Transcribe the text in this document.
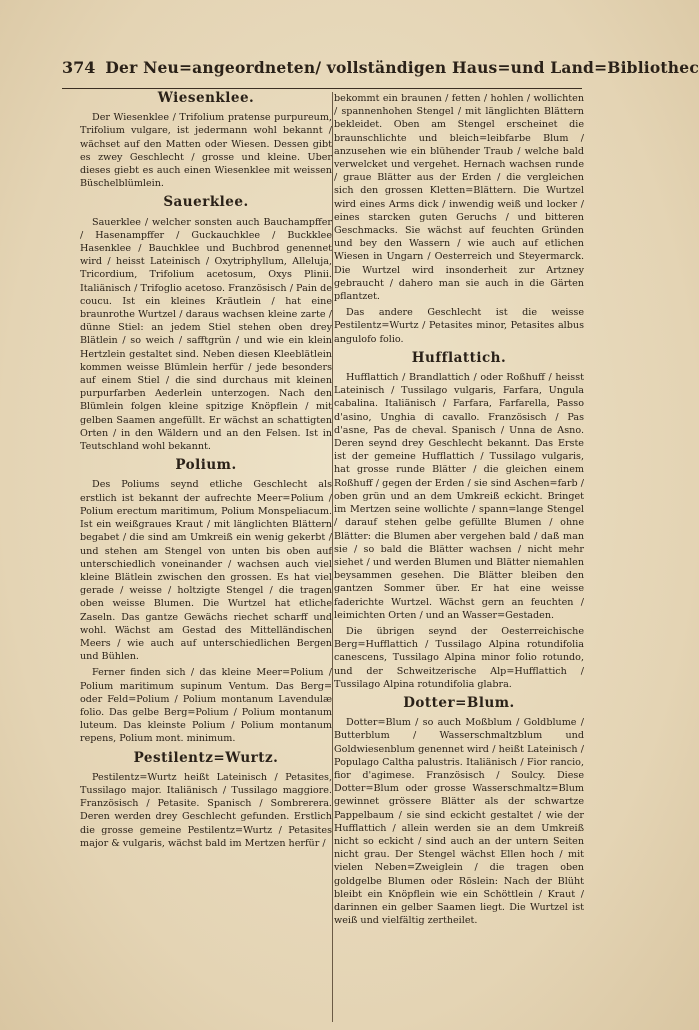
374 Der Neu=angeordneten/ vollständigen Haus=und Land=Bibliothec
Wiesenklee.

Der Wiesenklee / Trifolium pratense purpureum, Trifolium vulgare, ist jedermann wohl bekannt / wächset auf den Matten oder Wiesen. Dessen gibt es zwey Geschlecht / grosse und kleine. Uber dieses giebt es auch einen Wiesenklee mit weissen Büschelblümlein.

Sauerklee.

Sauerklee / welcher sonsten auch Bauchampffer / Hasenampffer / Guckauchklee / Buckklee Hasenklee / Bauchklee und Buchbrod genennet wird / heisst Lateinisch / Oxytriphyllum, Alleluja, Tricordium, Trifolium acetosum, Oxys Plinii. Italiänisch / Trifoglio acetoso. Französisch / Pain de coucu. Ist ein kleines Kräutlein / hat eine braunrothe Wurtzel / daraus wachsen kleine zarte / dünne Stiel: an jedem Stiel stehen oben drey Blätlein / so weich / safftgrün / und wie ein klein Hertzlein gestaltet sind. Neben diesen Kleeblätlein kommen weisse Blümlein herfür / jede besonders auf einem Stiel / die sind durchaus mit kleinen purpurfarben Aederlein unterzogen. Nach den Blümlein folgen kleine spitzige Knöpflein / mit gelben Saamen angefüllt. Er wächst an schattigten Orten / in den Wäldern und an den Felsen. Ist in Teutschland wohl bekannt.

Polium.

Des Poliums seynd etliche Geschlecht als erstlich ist bekannt der aufrechte Meer=Polium / Polium erectum maritimum, Polium Monspeliacum. Ist ein weißgraues Kraut / mit länglichten Blättern begabet / die sind am Umkreiß ein wenig gekerbt / und stehen am Stengel von unten bis oben auf unterschiedlich voneinander / wachsen auch viel kleine Blätlein zwischen den grossen. Es hat viel gerade / weisse / holtzigte Stengel / die tragen oben weisse Blumen. Die Wurtzel hat etliche Zaseln. Das gantze Gewächs riechet scharff und wohl. Wächst am Gestad des Mittelländischen Meers / wie auch auf unterschiedlichen Bergen und Bühlen.

Ferner finden sich / das kleine Meer=Polium / Polium maritimum supinum Ventum. Das Berg= oder Feld=Polium / Polium montanum Lavendulæ folio. Das gelbe Berg=Polium / Polium montanum luteum. Das kleinste Polium / Polium montanum repens, Polium mont. minimum.

Pestilentz=Wurtz.

Pestilentz=Wurtz heißt Lateinisch / Petasites, Tussilago major. Italiänisch / Tussilago maggiore. Französisch / Petasite. Spanisch / Sombrerera. Deren werden drey Geschlecht gefunden. Erstlich die grosse gemeine Pestilentz=Wurtz / Petasites major & vulgaris, wächst bald im Mertzen herfür /

bekommt ein braunen / fetten / hohlen / wollichten / spannenhohen Stengel / mit länglichten Blättern bekleidet. Oben am Stengel erscheinet die braunschlichte und bleich=leibfarbe Blum / anzusehen wie ein blühender Traub / welche bald verwelcket und vergehet. Hernach wachsen runde / graue Blätter aus der Erden / die vergleichen sich den grossen Kletten=Blättern. Die Wurtzel wird eines Arms dick / inwendig weiß und locker / eines starcken guten Geruchs / und bitteren Geschmacks. Sie wächst auf feuchten Gründen und bey den Wassern / wie auch auf etlichen Wiesen in Ungarn / Oesterreich und Steyermarck. Die Wurtzel wird insonderheit zur Artzney gebraucht / dahero man sie auch in die Gärten pflantzet.

Das andere Geschlecht ist die weisse Pestilentz=Wurtz / Petasites minor, Petasites albus angulofo folio.

Hufflattich.

Hufflattich / Brandlattich / oder Roßhuff / heisst Lateinisch / Tussilago vulgaris, Farfara, Ungula cabalina. Italiänisch / Farfara, Farfarella, Passo d'asino, Unghia di cavallo. Französisch / Pas d'asne, Pas de cheval. Spanisch / Unna de Asno. Deren seynd drey Geschlecht bekannt. Das Erste ist der gemeine Hufflattich / Tussilago vulgaris, hat grosse runde Blätter / die gleichen einem Roßhuff / gegen der Erden / sie sind Aschen=farb / oben grün und an dem Umkreiß eckicht. Bringet im Mertzen seine wollichte / spann=lange Stengel / darauf stehen gelbe gefüllte Blumen / ohne Blätter: die Blumen aber vergehen bald / daß man sie / so bald die Blätter wachsen / nicht mehr siehet / und werden Blumen und Blätter niemahlen beysammen gesehen. Die Blätter bleiben den gantzen Sommer über. Er hat eine weisse faderichte Wurtzel. Wächst gern an feuchten / leimichten Orten / und an Wasser=Gestaden.

Die übrigen seynd der Oesterreichische Berg=Hufflattich / Tussilago Alpina rotundifolia canescens, Tussilago Alpina minor folio rotundo, und der Schweitzerische Alp=Hufflattich / Tussilago Alpina rotundifolia glabra.

Dotter=Blum.

Dotter=Blum / so auch Moßblum / Goldblume / Butterblum / Wasserschmaltzblum und Goldwiesenblum genennet wird / heißt Lateinisch / Populago Caltha palustris. Italiänisch / Fior rancio, fior d'agimese. Französisch / Soulcy. Diese Dotter=Blum oder grosse Wasserschmaltz=Blum gewinnet grössere Blätter als der schwartze Pappelbaum / sie sind eckicht gestaltet / wie der Hufflattich / allein werden sie an dem Umkreiß nicht so eckicht / sind auch an der untern Seiten nicht grau. Der Stengel wächst Ellen hoch / mit vielen Neben=Zweiglein / die tragen oben goldgelbe Blumen oder Röslein: Nach der Blüht bleibt ein Knöpflein wie ein Schöttlein / Kraut / darinnen ein gelber Saamen liegt. Die Wurtzel ist weiß und vielfältig zertheilet.
